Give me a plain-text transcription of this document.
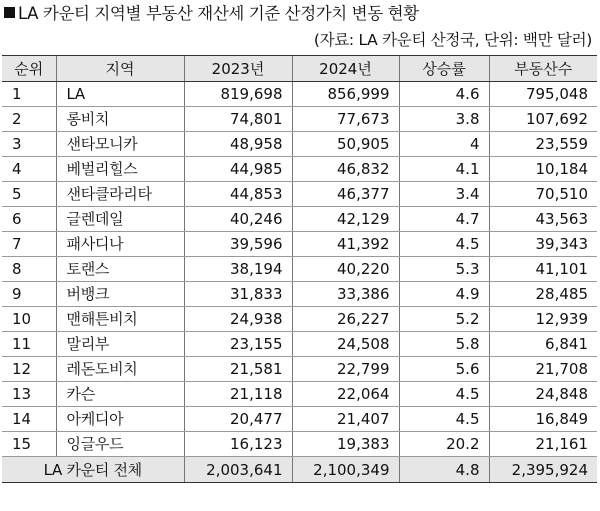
LA 카운티 지역별 부동산 재산세 기준 산정가치 변동 현황
(자료: LA 카운티 산정국, 단위: 백만 달러)
순위	지역	2023년	2024년	상승률	부동산수
1	LA	819,698	856,999	4.6	795,048
2	롱비치	74,801	77,673	3.8	107,692
3	샌타모니카	48,958	50,905	4	23,559
4	베벌리힐스	44,985	46,832	4.1	10,184
5	샌타클라리타	44,853	46,377	3.4	70,510
6	글렌데일	40,246	42,129	4.7	43,563
7	패사디나	39,596	41,392	4.5	39,343
8	토랜스	38,194	40,220	5.3	41,101
9	버뱅크	31,833	33,386	4.9	28,485
10	맨해튼비치	24,938	26,227	5.2	12,939
11	말리부	23,155	24,508	5.8	6,841
12	레돈도비치	21,581	22,799	5.6	21,708
13	카슨	21,118	22,064	4.5	24,848
14	아케디아	20,477	21,407	4.5	16,849
15	잉글우드	16,123	19,383	20.2	21,161
LA 카운티 전체		2,003,641	2,100,349	4.8	2,395,924
